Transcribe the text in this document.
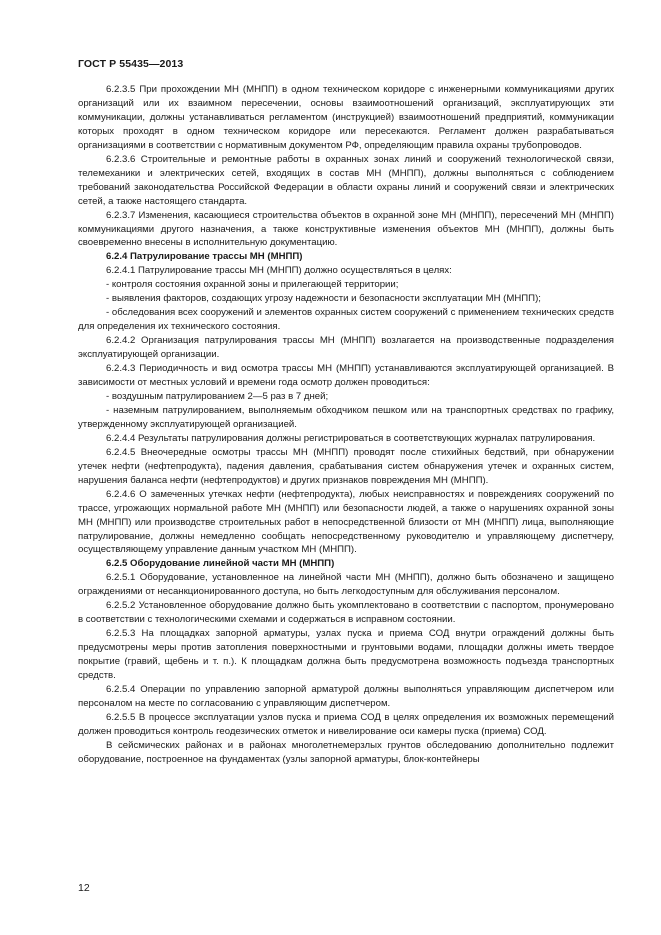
ГОСТ Р 55435—2013

6.2.3.5 При прохождении МН (МНПП) в одном техническом коридоре с инженерными коммуникациями других организаций или их взаимном пересечении, основы взаимоотношений организаций, эксплуатирующих эти коммуникации, должны устанавливаться регламентом (инструкцией) взаимоотношений предприятий, коммуникации которых проходят в одном техническом коридоре или пересекаются. Регламент должен разрабатываться организациями в соответствии с нормативным документом РФ, определяющим правила охраны трубопроводов.

6.2.3.6 Строительные и ремонтные работы в охранных зонах линий и сооружений технологической связи, телемеханики и электрических сетей, входящих в состав МН (МНПП), должны выполняться с соблюдением требований законодательства Российской Федерации в области охраны линий и сооружений связи и электрических сетей, а также настоящего стандарта.

6.2.3.7 Изменения, касающиеся строительства объектов в охранной зоне МН (МНПП), пересечений МН (МНПП) коммуникациями другого назначения, а также конструктивные изменения объектов МН (МНПП), должны быть своевременно внесены в исполнительную документацию.

6.2.4 Патрулирование трассы МН (МНПП)

6.2.4.1 Патрулирование трассы МН (МНПП) должно осуществляться в целях:

- контроля состояния охранной зоны и прилегающей территории;

- выявления факторов, создающих угрозу надежности и безопасности эксплуатации МН (МНПП);

- обследования всех сооружений и элементов охранных систем сооружений с применением технических средств для определения их технического состояния.

6.2.4.2 Организация патрулирования трассы МН (МНПП) возлагается на производственные подразделения эксплуатирующей организации.

6.2.4.3 Периодичность и вид осмотра трассы МН (МНПП) устанавливаются эксплуатирующей организацией. В зависимости от местных условий и времени года осмотр должен проводиться:

- воздушным патрулированием 2—5 раз в 7 дней;

- наземным патрулированием, выполняемым обходчиком пешком или на транспортных средствах по графику, утвержденному эксплуатирующей организацией.

6.2.4.4 Результаты патрулирования должны регистрироваться в соответствующих журналах патрулирования.

6.2.4.5 Внеочередные осмотры трассы МН (МНПП) проводят после стихийных бедствий, при обнаружении утечек нефти (нефтепродукта), падения давления, срабатывания систем обнаружения утечек и охранных систем, нарушения баланса нефти (нефтепродуктов) и других признаков повреждения МН (МНПП).

6.2.4.6 О замеченных утечках нефти (нефтепродукта), любых неисправностях и повреждениях сооружений по трассе, угрожающих нормальной работе МН (МНПП) или безопасности людей, а также о нарушениях охранной зоны МН (МНПП) или производстве строительных работ в непосредственной близости от МН (МНПП) лица, выполняющие патрулирование, должны немедленно сообщать непосредственному руководителю и управляющему диспетчеру, осуществляющему управление данным участком МН (МНПП).

6.2.5 Оборудование линейной части МН (МНПП)

6.2.5.1 Оборудование, установленное на линейной части МН (МНПП), должно быть обозначено и защищено ограждениями от несанкционированного доступа, но быть легкодоступным для обслуживания персоналом.

6.2.5.2 Установленное оборудование должно быть укомплектовано в соответствии с паспортом, пронумеровано в соответствии с технологическими схемами и содержаться в исправном состоянии.

6.2.5.3 На площадках запорной арматуры, узлах пуска и приема СОД внутри ограждений должны быть предусмотрены меры против затопления поверхностными и грунтовыми водами, площадки должны иметь твердое покрытие (гравий, щебень и т. п.). К площадкам должна быть предусмотрена возможность подъезда транспортных средств.

6.2.5.4 Операции по управлению запорной арматурой должны выполняться управляющим диспетчером или персоналом на месте по согласованию с управляющим диспетчером.

6.2.5.5 В процессе эксплуатации узлов пуска и приема СОД в целях определения их возможных перемещений должен проводиться контроль геодезических отметок и нивелирование оси камеры пуска (приема) СОД.

В сейсмических районах и в районах многолетнемерзлых грунтов обследованию дополнительно подлежит оборудование, построенное на фундаментах (узлы запорной арматуры, блок-контейнеры

12
